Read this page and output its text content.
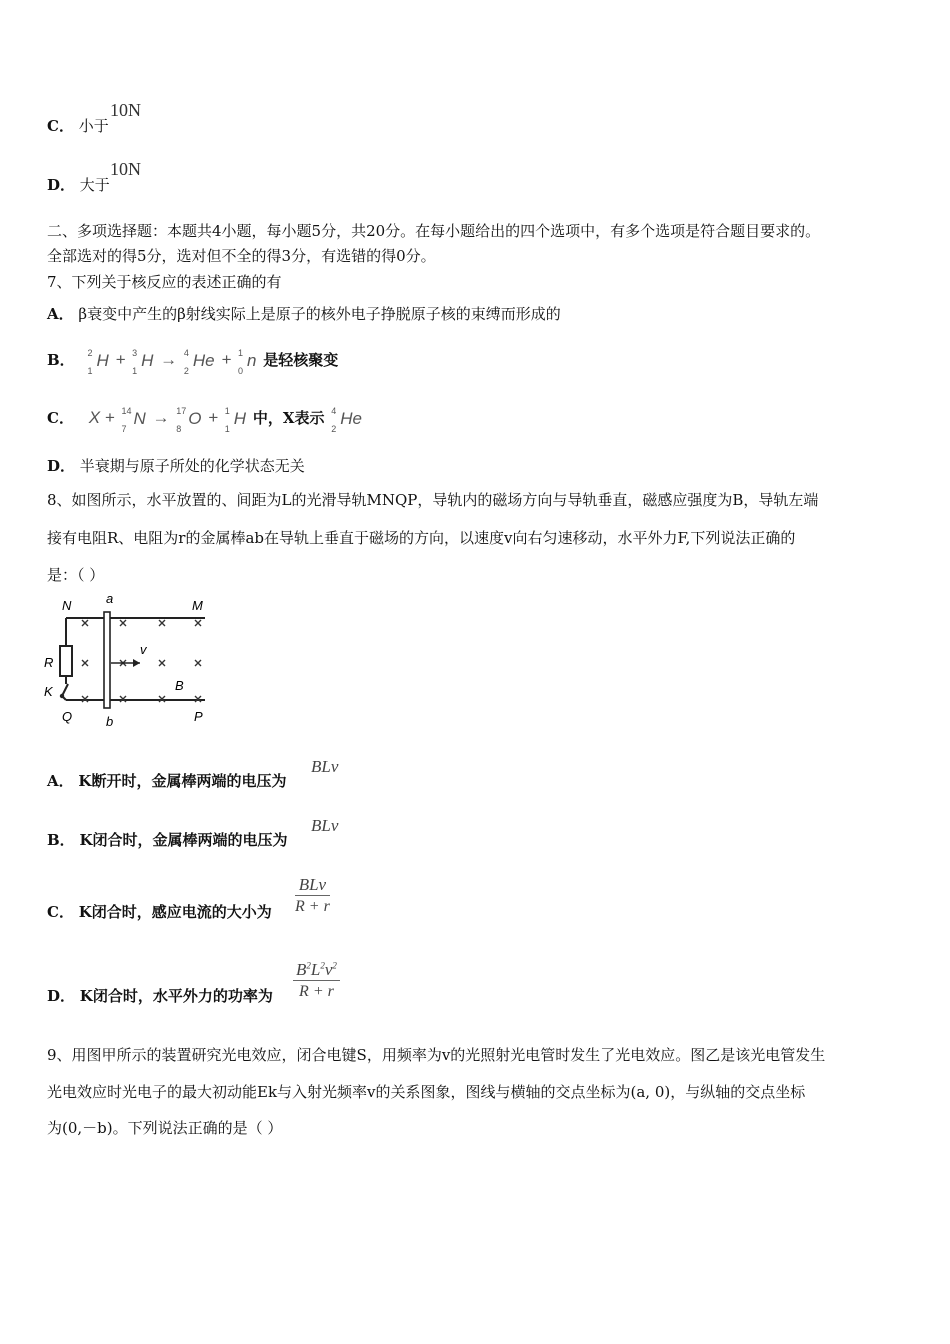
C． 小于
10N
D． 大于
10N
二、多项选择题：本题共4小题，每小题5分，共20分。在每小题给出的四个选项中，有多个选项是符合题目要求的。
全部选对的得5分，选对但不全的得3分，有选错的得0分。
7、下列关于核反应的表述正确的有
A． β衰变中产生的β射线实际上是原子的核外电子挣脱原子核的束缚而形成的
B． 2
1
H + 3
1
H → 4
2
He + 1
0
n 是轻核聚变
C． X + 14
7
N → 17
8
O + 1
1
H 中，X表示 4
2
He
D． 半衰期与原子所处的化学状态无关
8、如图所示，水平放置的、间距为L的光滑导轨MNQP，导轨内的磁场方向与导轨垂直，磁感应强度为B，导轨左端
接有电阻R、电阻为r的金属棒ab在导轨上垂直于磁场的方向，以速度v向右匀速移动，水平外力F,下列说法正确的
是：（ ）
N	a	M
R
K
v
B
Q	b	P
A． K断开时，金属棒两端的电压为
BLv
B． K闭合时，金属棒两端的电压为
BLv
C． K闭合时，感应电流的大小为
BLv
R + r
D． K闭合时，水平外力的功率为
$B^2L^2v^2$
R + r
9、用图甲所示的装置研究光电效应，闭合电键S，用频率为v的光照射光电管时发生了光电效应。图乙是该光电管发生
光电效应时光电子的最大初动能Ek与入射光频率v的关系图象，图线与横轴的交点坐标为(a, 0)，与纵轴的交点坐标
为(0,－b)。下列说法正确的是（ ）
